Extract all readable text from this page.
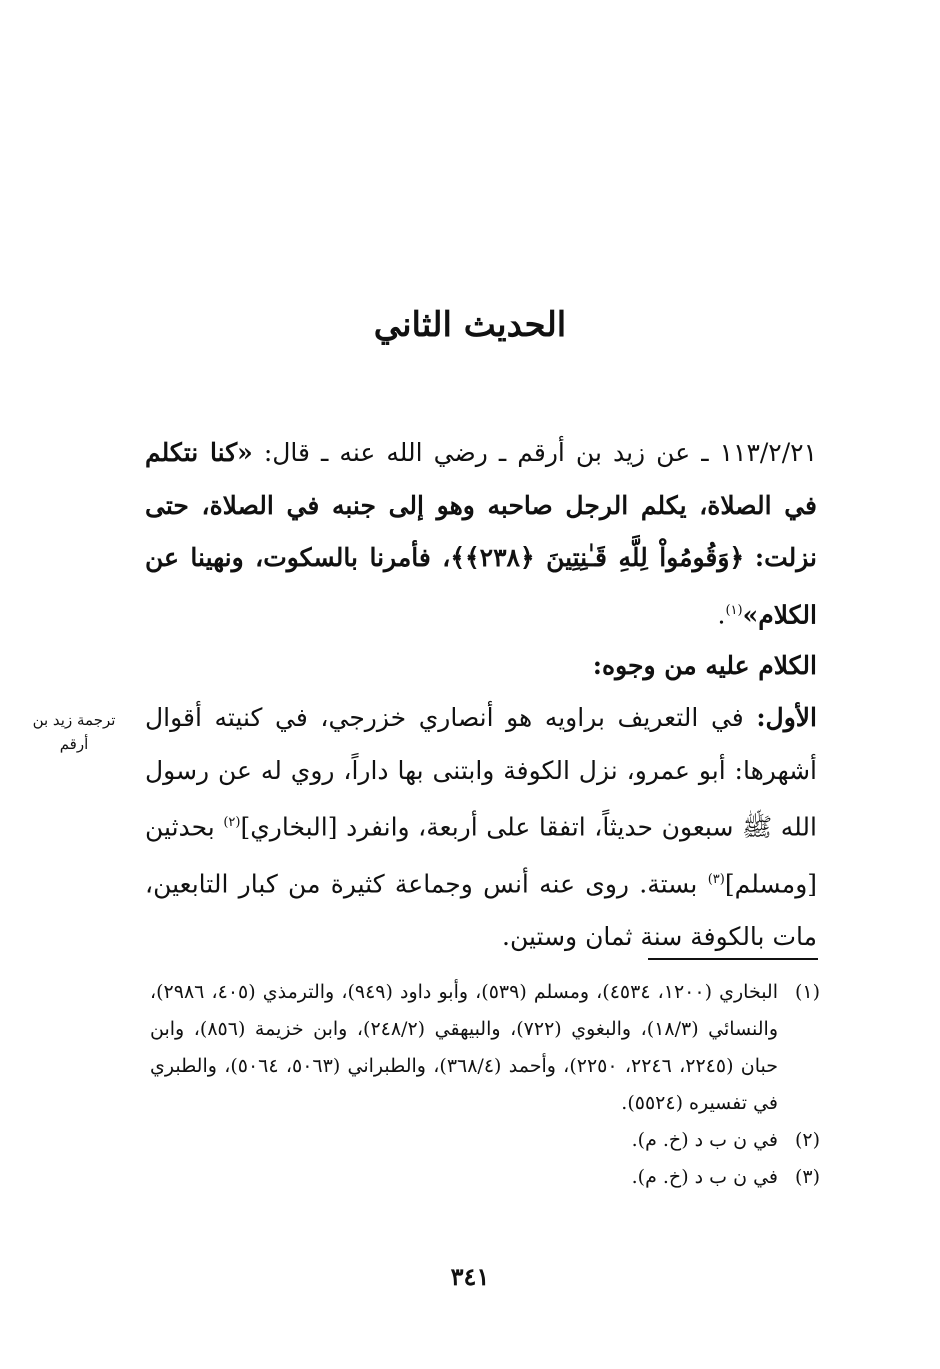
الحديث الثاني
١١٣/٢/٢١ ـ عن زيد بن أرقم ـ رضي الله عنه ـ قال: «كنا نتكلم في الصلاة، يكلم الرجل صاحبه وهو إلى جنبه في الصلاة، حتى نزلت: ﴿وَقُومُواْ لِلَّهِ قَـٰنِتِينَ ﴿٢٣٨﴾﴾، فأمرنا بالسكوت، ونهينا عن الكلام»$^{(١)}$.
الكلام عليه من وجوه:
الأول: في التعريف براويه هو أنصاري خزرجي، في كنيته أقوال أشهرها: أبو عمرو، نزل الكوفة وابتنى بها داراً، روي له عن رسول الله ﷺ سبعون حديثاً، اتفقا على أربعة، وانفرد [البخاري]$^{(٢)}$ بحدثين [ومسلم]$^{(٣)}$ بستة. روى عنه أنس وجماعة كثيرة من كبار التابعين، مات بالكوفة سنة ثمان وستين.
ترجمة زيد بن أرقم
(١)
البخاري (١٢٠٠، ٤٥٣٤)، ومسلم (٥٣٩)، وأبو داود (٩٤٩)، والترمذي (٤٠٥، ٢٩٨٦)، والنسائي (١٨/٣)، والبغوي (٧٢٢)، والبيهقي (٢٤٨/٢)، وابن خزيمة (٨٥٦)، وابن حبان (٢٢٤٥، ٢٢٤٦، ٢٢٥٠)، وأحمد (٣٦٨/٤)، والطبراني (٥٠٦٣، ٥٠٦٤)، والطبري في تفسيره (٥٥٢٤).
(٢)
في ن ب د (خ. م).
(٣)
في ن ب د (خ. م).
٣٤١
